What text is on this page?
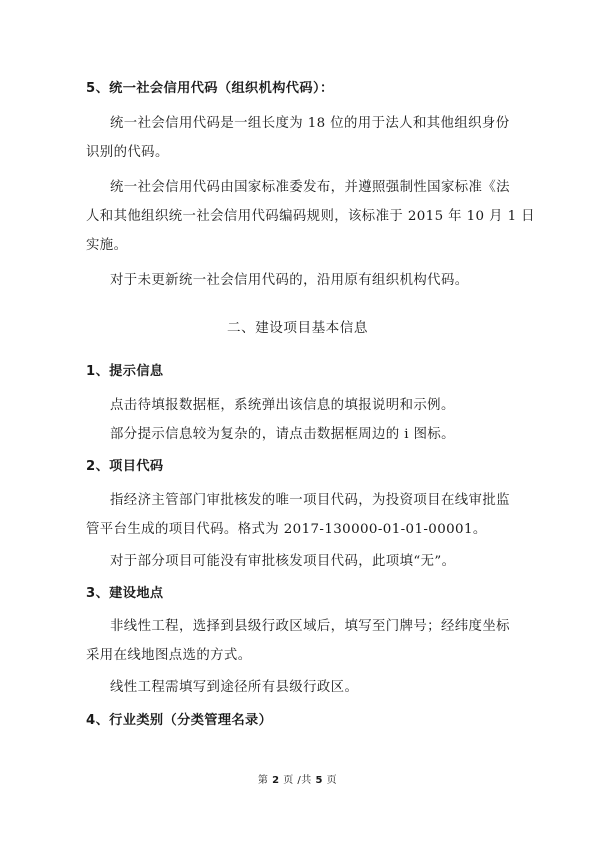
5、统一社会信用代码（组织机构代码）：
统一社会信用代码是一组长度为 18 位的用于法人和其他组织身份
识别的代码。
统一社会信用代码由国家标准委发布，并遵照强制性国家标准《法
人和其他组织统一社会信用代码编码规则，该标准于 2015 年 10 月 1 日
实施。
对于未更新统一社会信用代码的，沿用原有组织机构代码。
二、建设项目基本信息
1、提示信息
点击待填报数据框，系统弹出该信息的填报说明和示例。
部分提示信息较为复杂的，请点击数据框周边的 i 图标。
2、项目代码
指经济主管部门审批核发的唯一项目代码，为投资项目在线审批监
管平台生成的项目代码。格式为 2017-130000-01-01-00001。
对于部分项目可能没有审批核发项目代码，此项填“无”。
3、建设地点
非线性工程，选择到县级行政区域后，填写至门牌号；经纬度坐标
采用在线地图点选的方式。
线性工程需填写到途径所有县级行政区。
4、行业类别（分类管理名录）
第 2 页 /共 5 页
